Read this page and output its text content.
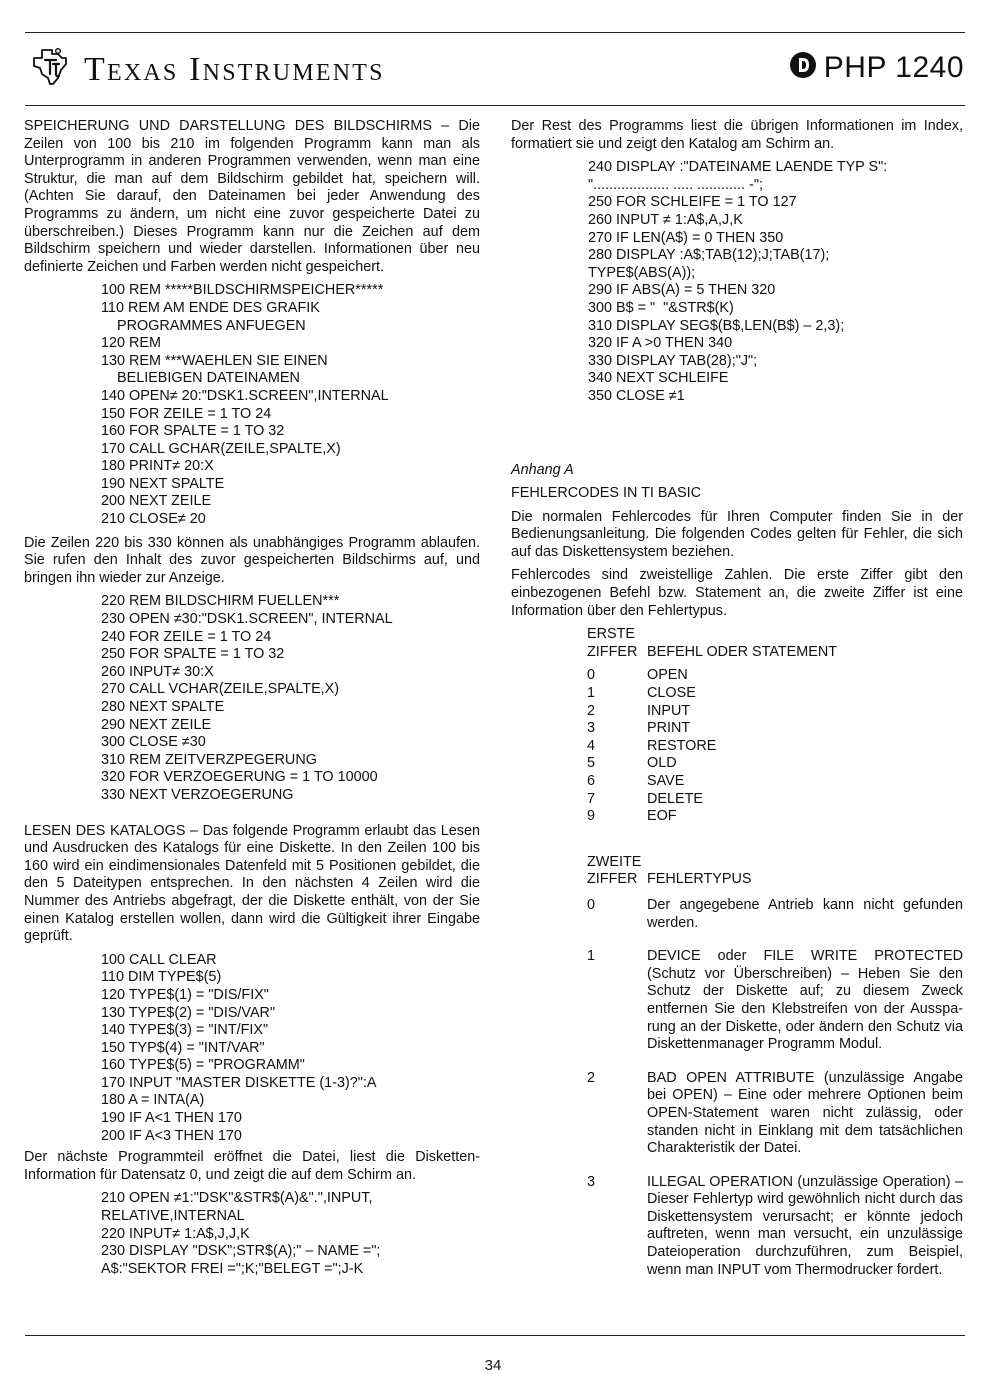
Texas Instruments	PHP 1240

SPEICHERUNG UND DARSTELLUNG DES BILDSCHIRMS – Die Zeilen von 100 bis 210 im folgenden Programm kann man als Unterprogramm in anderen Programmen verwenden, wenn man eine Struktur, die man auf dem Bildschirm gebildet hat, speichern will. (Achten Sie darauf, den Dateinamen bei jeder Anwendung des Programms zu ändern, um nicht eine zuvor gespeicherte Datei zu überschreiben.) Dieses Programm kann nur die Zeichen auf dem Bildschirm speichern und wieder darstellen. Informationen über neu definierte Zeichen und Farben werden nicht gespeichert.

100 REM *****BILDSCHIRMSPEICHER*****
110 REM AM ENDE DES GRAFIK
PROGRAMMES ANFUEGEN
120 REM
130 REM ***WAEHLEN SIE EINEN
BELIEBIGEN DATEINAMEN
140 OPEN≠ 20:"DSK1.SCREEN",INTERNAL
150 FOR ZEILE = 1 TO 24
160 FOR SPALTE = 1 TO 32
170 CALL GCHAR(ZEILE,SPALTE,X)
180 PRINT≠ 20:X
190 NEXT SPALTE
200 NEXT ZEILE
210 CLOSE≠ 20

Die Zeilen 220 bis 330 können als unabhängiges Programm ablaufen. Sie rufen den Inhalt des zuvor gespeicherten Bildschirms auf, und bringen ihn wieder zur Anzeige.

220 REM BILDSCHIRM FUELLEN***
230 OPEN ≠30:"DSK1.SCREEN", INTERNAL
240 FOR ZEILE = 1 TO 24
250 FOR SPALTE = 1 TO 32
260 INPUT≠ 30:X
270 CALL VCHAR(ZEILE,SPALTE,X)
280 NEXT SPALTE
290 NEXT ZEILE
300 CLOSE ≠30
310 REM ZEITVERZPEGERUNG
320 FOR VERZOEGERUNG = 1 TO 10000
330 NEXT VERZOEGERUNG

LESEN DES KATALOGS – Das folgende Programm erlaubt das Lesen und Ausdrucken des Katalogs für eine Diskette. In den Zeilen 100 bis 160 wird ein eindimensionales Datenfeld mit 5 Positionen gebildet, die den 5 Dateitypen entsprechen. In den nächsten 4 Zeilen wird die Nummer des Antriebs abgefragt, der die Diskette enthält, von der Sie einen Katalog erstellen wollen, dann wird die Gültigkeit ihrer Eingabe geprüft.

100 CALL CLEAR
110 DIM TYPE$(5)
120 TYPE$(1) = "DIS/FIX"
130 TYPE$(2) = "DIS/VAR"
140 TYPE$(3) = "INT/FIX"
150 TYP$(4) = "INT/VAR"
160 TYPE$(5) = "PROGRAMM"
170 INPUT "MASTER DISKETTE (1-3)?":A
180 A = INTA(A)
190 IF A<1 THEN 170
200 IF A<3 THEN 170

Der nächste Programmteil eröffnet die Datei, liest die Disketten-Information für Datensatz 0, und zeigt die auf dem Schirm an.

210 OPEN ≠1:"DSK"&STR$(A)&".",INPUT,
RELATIVE,INTERNAL
220 INPUT≠ 1:A$,J,J,K
230 DISPLAY "DSK";STR$(A);" – NAME =";
A$:"SEKTOR FREI =";K;"BELEGT =";J-K

Der Rest des Programms liest die übrigen Informationen im Index, formatiert sie und zeigt den Katalog am Schirm an.

240 DISPLAY :"DATEINAME LAENDE TYP S":
"................... ..... ............ -";
250 FOR SCHLEIFE = 1 TO 127
260 INPUT ≠ 1:A$,A,J,K
270 IF LEN(A$) = 0 THEN 350
280 DISPLAY :A$;TAB(12);J;TAB(17);
TYPE$(ABS(A));
290 IF ABS(A) = 5 THEN 320
300 B$ = "  "&STR$(K)
310 DISPLAY SEG$(B$,LEN(B$) – 2,3);
320 IF A >0 THEN 340
330 DISPLAY TAB(28);"J";
340 NEXT SCHLEIFE
350 CLOSE ≠1

Anhang A

FEHLERCODES IN TI BASIC

Die normalen Fehlercodes für Ihren Computer finden Sie in der Bedienungsanleitung. Die folgenden Codes gelten für Fehler, die sich auf das Diskettensystem beziehen.

Fehlercodes sind zweistellige Zahlen. Die erste Ziffer gibt den einbezogenen Befehl bzw. Statement an, die zweite Ziffer ist eine Information über den Fehlertypus.

ERSTE	
ZIFFER	BEFEHL ODER STATEMENT

0	OPEN
1	CLOSE
2	INPUT
3	PRINT
4	RESTORE
5	OLD
6	SAVE
7	DELETE
9	EOF
ZWEITE	
ZIFFER	FEHLERTYPUS
0	Der angegebene Antrieb kann nicht gefunden werden.
1	DEVICE oder FILE WRITE PROTECTED (Schutz vor Überschreiben) – Heben Sie den Schutz der Diskette auf; zu diesem Zweck entfernen Sie den Klebstreifen von der Aussparung an der Diskette, oder ändern den Schutz via Diskettenmanager Programm Modul.
2	BAD OPEN ATTRIBUTE (unzulässige Angabe bei OPEN) – Eine oder mehrere Optionen beim OPEN-Statement waren nicht zulässig, oder standen nicht in Einklang mit dem tatsächlichen Charakteristik der Datei.
3	ILLEGAL OPERATION (unzulässige Operation) – Dieser Fehlertyp wird gewöhnlich nicht durch das Diskettensystem verursacht; er könnte jedoch auftreten, wenn man versucht, ein unzulässige Dateioperation durchzuführen, zum Beispiel, wenn man INPUT vom Thermodrucker fordert.
34
